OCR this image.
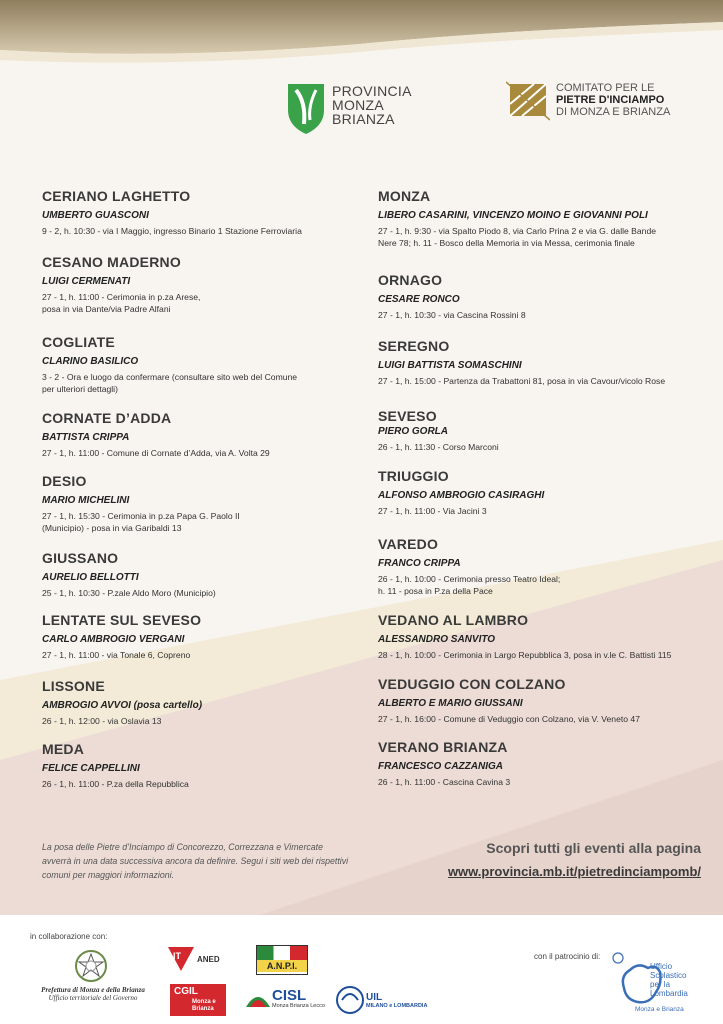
PROVINCIA
MONZA
BRIANZA
COMITATO PER LE
PIETRE D'INCIAMPO
DI MONZA E BRIANZA
CERIANO LAGHETTO
UMBERTO GUASCONI
9 - 2, h. 10:30 - via I Maggio, ingresso Binario 1 Stazione Ferroviaria
CESANO MADERNO
LUIGI CERMENATI
27 - 1, h. 11:00 - Cerimonia in p.za Arese,
posa in via Dante/via Padre Alfani
COGLIATE
CLARINO BASILICO
3 - 2 - Ora e luogo da confermare (consultare sito web del Comune
per ulteriori dettagli)
CORNATE D’ADDA
BATTISTA CRIPPA
27 - 1, h. 11:00 - Comune di Cornate d’Adda, via A. Volta 29
DESIO
MARIO MICHELINI
27 - 1, h. 15:30 - Cerimonia in p.za Papa G. Paolo II
(Municipio) - posa in via Garibaldi 13
GIUSSANO
AURELIO BELLOTTI
25 - 1, h. 10:30 - P.zale Aldo Moro (Municipio)
LENTATE SUL SEVESO
CARLO AMBROGIO VERGANI
27 - 1, h. 11:00 - via Tonale 6, Copreno
LISSONE
AMBROGIO AVVOI (posa cartello)
26 - 1, h. 12:00 - via Oslavia 13
MEDA
FELICE CAPPELLINI
26 - 1, h. 11:00 - P.za della Repubblica
MONZA
LIBERO CASARINI, VINCENZO MOINO E GIOVANNI POLI
27 - 1, h. 9:30 - via Spalto Piodo 8, via Carlo Prina 2 e via G. dalle Bande
Nere 78; h. 11 - Bosco della Memoria in via Messa, cerimonia finale
ORNAGO
CESARE RONCO
27 - 1, h. 10:30 - via Cascina Rossini 8
SEREGNO
LUIGI BATTISTA SOMASCHINI
27 - 1, h. 15:00 - Partenza da Trabattoni 81, posa in via Cavour/vicolo Rose
SEVESO
PIERO GORLA
26 - 1, h. 11:30 - Corso Marconi
TRIUGGIO
ALFONSO AMBROGIO CASIRAGHI
27 - 1, h. 11:00 - Via Jacini 3
VAREDO
FRANCO CRIPPA
26 - 1, h. 10:00 - Cerimonia presso Teatro Ideal;
h. 11 - posa in P.za della Pace
VEDANO AL LAMBRO
ALESSANDRO SANVITO
28 - 1, h. 10:00 - Cerimonia in Largo Repubblica 3, posa in v.le C. Battisti 115
VEDUGGIO CON COLZANO
ALBERTO E MARIO GIUSSANI
27 - 1, h. 16:00 - Comune di Veduggio con Colzano, via V. Veneto 47
VERANO BRIANZA
FRANCESCO CAZZANIGA
26 - 1, h. 11:00 - Cascina Cavina 3
La posa delle Pietre d’Inciampo di Concorezzo, Correzzana e Vimercate avverrà in una data successiva ancora da definire. Segui i siti web dei rispettivi comuni per maggiori informazioni.
Scopri tutti gli eventi alla pagina
www.provincia.mb.it/pietredinciampomb/
in collaborazione con:
Prefettura di Monza e della Brianza
Ufficio territoriale del Governo
IT ANED
A.N.P.I.
CGIL
Monza e Brianza
CISL
Monza Brianza Lecco
UIL
MILANO e LOMBARDIA
con il patrocinio di:
Ufficio
Scolastico
per la
Lombardia
Monza e Brianza
